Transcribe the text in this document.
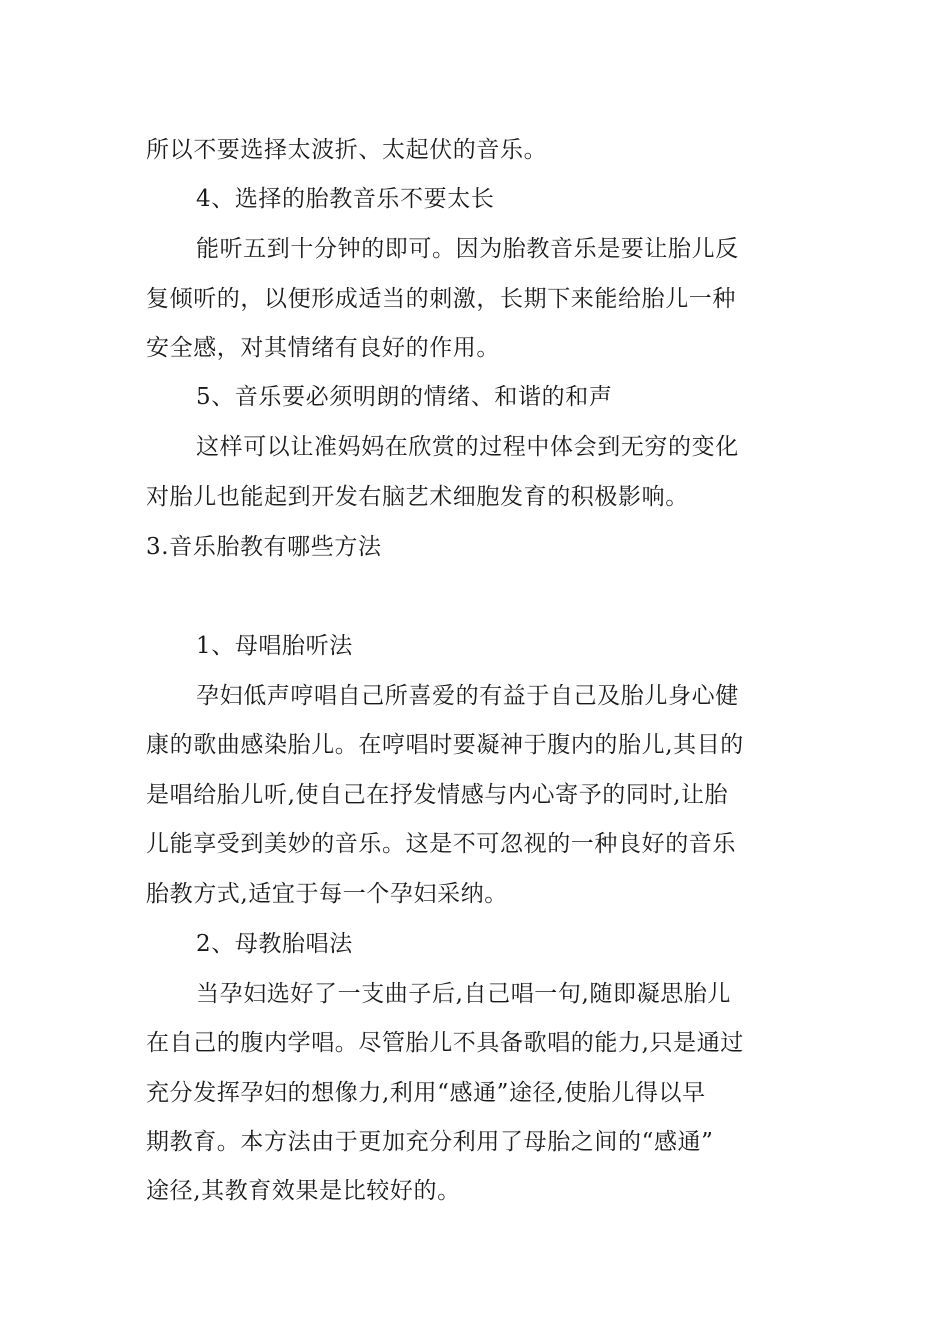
所以不要选择太波折、太起伏的音乐。
4、选择的胎教音乐不要太长
能听五到十分钟的即可。因为胎教音乐是要让胎儿反
复倾听的，以便形成适当的刺激，长期下来能给胎儿一种
安全感，对其情绪有良好的作用。
5、音乐要必须明朗的情绪、和谐的和声
这样可以让准妈妈在欣赏的过程中体会到无穷的变化
对胎儿也能起到开发右脑艺术细胞发育的积极影响。
3.音乐胎教有哪些方法
1、母唱胎听法
孕妇低声哼唱自己所喜爱的有益于自己及胎儿身心健
康的歌曲感染胎儿。在哼唱时要凝神于腹内的胎儿,其目的
是唱给胎儿听,使自己在抒发情感与内心寄予的同时,让胎
儿能享受到美妙的音乐。这是不可忽视的一种良好的音乐
胎教方式,适宜于每一个孕妇采纳。
2、母教胎唱法
当孕妇选好了一支曲子后,自己唱一句,随即凝思胎儿
在自己的腹内学唱。尽管胎儿不具备歌唱的能力,只是通过
充分发挥孕妇的想像力,利用“感通”途径,使胎儿得以早
期教育。本方法由于更加充分利用了母胎之间的“感通”
途径,其教育效果是比较好的。
